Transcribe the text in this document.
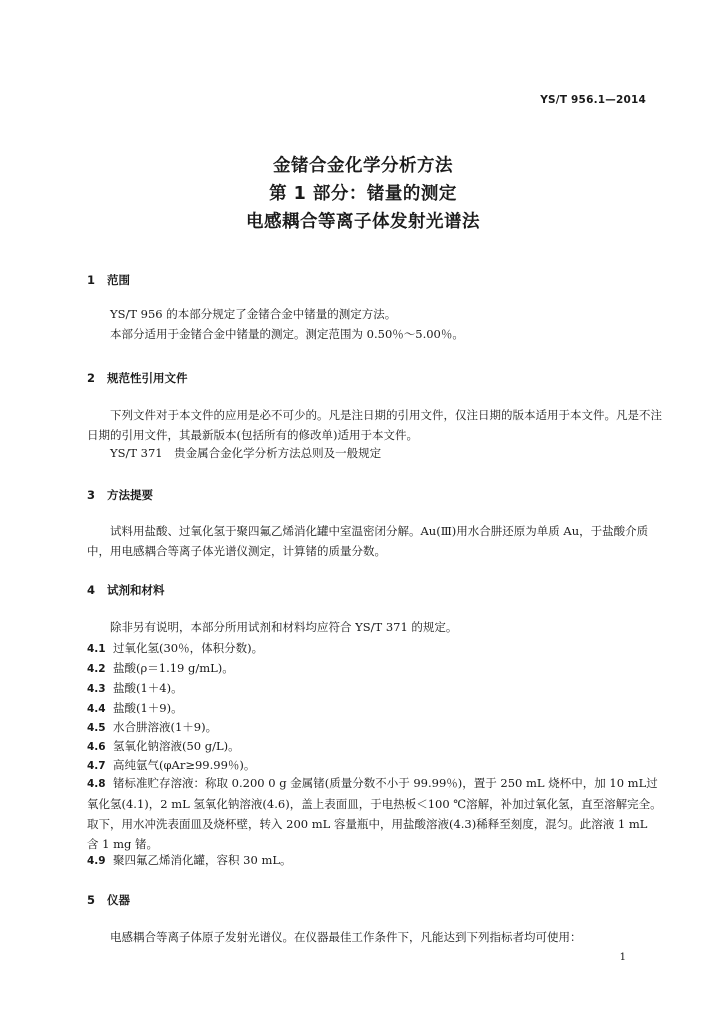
YS/T 956.1—2014
金锗合金化学分析方法
第 1 部分：锗量的测定
电感耦合等离子体发射光谱法
1 范围
YS/T 956 的本部分规定了金锗合金中锗量的测定方法。
本部分适用于金锗合金中锗量的测定。测定范围为 0.50％～5.00％。
2 规范性引用文件
下列文件对于本文件的应用是必不可少的。凡是注日期的引用文件，仅注日期的版本适用于本文件。凡是不注日期的引用文件，其最新版本(包括所有的修改单)适用于本文件。
YS/T 371　贵金属合金化学分析方法总则及一般规定
3 方法提要
试料用盐酸、过氧化氢于聚四氟乙烯消化罐中室温密闭分解。Au(Ⅲ)用水合肼还原为单质 Au，于盐酸介质中，用电感耦合等离子体光谱仪测定，计算锗的质量分数。
4 试剂和材料
除非另有说明，本部分所用试剂和材料均应符合 YS/T 371 的规定。
4.1 过氧化氢(30％，体积分数)。
4.2 盐酸(ρ＝1.19 g/mL)。
4.3 盐酸(1＋4)。
4.4 盐酸(1＋9)。
4.5 水合肼溶液(1＋9)。
4.6 氢氧化钠溶液(50 g/L)。
4.7 高纯氩气(φAr≥99.99％)。
4.8 锗标准贮存溶液：称取 0.200 0 g 金属锗(质量分数不小于 99.99％)，置于 250 mL 烧杯中，加 10 mL过氧化氢(4.1)，2 mL 氢氧化钠溶液(4.6)，盖上表面皿，于电热板＜100 ℃溶解，补加过氧化氢，直至溶解完全。取下，用水冲洗表面皿及烧杯壁，转入 200 mL 容量瓶中，用盐酸溶液(4.3)稀释至刻度，混匀。此溶液 1 mL 含 1 mg 锗。
4.9 聚四氟乙烯消化罐，容积 30 mL。
5 仪器
电感耦合等离子体原子发射光谱仪。在仪器最佳工作条件下，凡能达到下列指标者均可使用：
1
